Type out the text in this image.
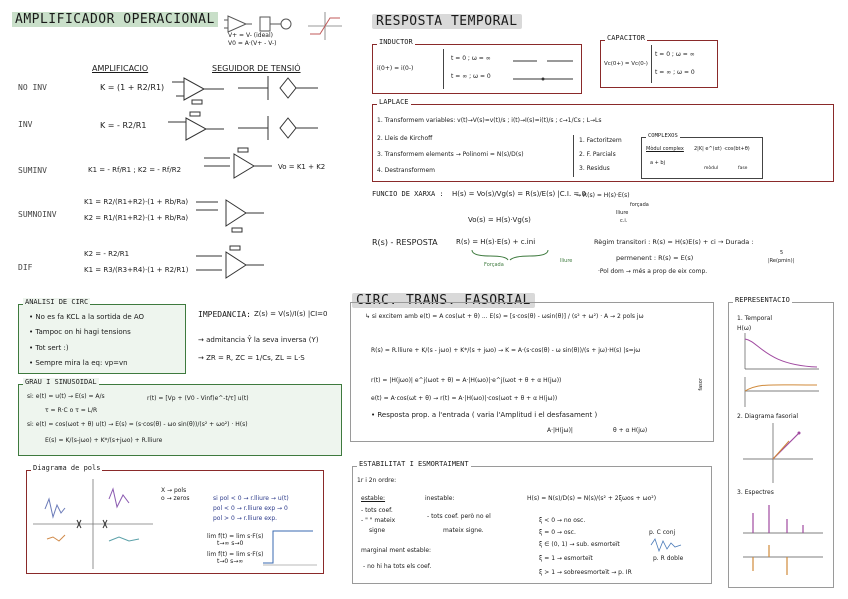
AMPLIFICADOR OPERACIONAL
V+ = V- (ideal)
V0 = A·(V+ - V-)
AMPLIFICACIO	SEGUIDOR DE TENSIÓ
NO INV	K = (1 + R2/R1)
INV	K = - R2/R1
SUMINV	K1 = - Rf/R1 ; K2 = - Rf/R2	Vo = K1 + K2
SUMNOINV
K1 = R2/(R1+R2)·(1 + Rb/Ra)
K2 = R1/(R1+R2)·(1 + Rb/Ra)
DIF
K2 = - R2/R1
K1 = R3/(R3+R4)·(1 + R2/R1)
ANALISI DE CIRC
• No es fa KCL a la sortida de AO
• Tampoc on hi hagi tensions
• Tot sert :)
• Sempre mira la eq: vp=vn
IMPEDANCIA: Z(s) = V(s)/I(s) |CI=0
→ admitancia Ŷ la seva inversa (Y)
→ ZR = R, ZC = 1/Cs, ZL = L·S
GRAU I SINUSOIDAL
si: e(t) = u(t) → E(s) = A/s	r(t) = [Vp + (V0 - Vinf)e^-t/τ] u(t)
τ = R·C o τ = L/R
si: e(t) = cos(ωot + θ) u(t) → E(s) = (s·cos(θ) - ωo sin(θ))/(s² + ωo²) · H(s)
E(s) = K/(s-jωo) + K*/(s+jωo) + R.lliure
Diagrama de pols
X → pols
o → zeros	si pol < 0 → r.lliure → u(t)
pol < 0 → r.lliure exp → 0
pol > 0 → r.lliure exp.
lim f(t) = lim s·F(s)
t→∞ s→0
lim f(t) = lim s·F(s)
t→0 s→∞
RESPOSTA TEMPORAL
INDUCTOR
i(0+) = i(0-)
t = 0 ; ω = ∞
t = ∞ ; ω = 0
CAPACITOR
Vc(0+) = Vc(0-)
t = 0 ; ω = ∞
t = ∞ ; ω = 0
LAPLACE
1. Transformem variables: v(t)→V(s)=v(t)/s ; i(t)→I(s)=i(t)/s ; c→1/Cs ; L→Ls
2. Lleis de Kirchoff
3. Transformem elements → Polinomi = N(s)/D(s)
4. Destransformem
1. Factoritzem
2. F. Parcials
3. Residus
COMPLEXOS
Mòdul complex 2|K| e^(αt) ·cos(bt+θ)
a + bj
mòdul	fase
FUNCIO DE XARXA : H(s) = Vo(s)/Vg(s) = R(s)/E(s) |C.I. = 0
→ R(s) = H(s)·E(s)
forçada
lliure
c.i.
Vo(s) = H(s)·Vg(s)
R(s) - RESPOSTA	R(s) = H(s)·E(s) + c.ini
Forçada
lliure
Règim transitori : R(s) = H(s)E(s) + ci → Durada :
permenent : R(s) = E(s)	|Re(pmin)|
5
·Pol dom → més a prop de eix comp.
CIRC. TRANS. FASORIAL
↳ si excitem amb e(t) = A cos(ωt + θ) ... E(s) = [s·cos(θ) - ωsin(θ)] / (s² + ω²) · A → 2 pols jω
R(s) = R.lliure + K/(s - jωo) + K*/(s + jωo) → K = A·(s·cos(θ) - ω sin(θ))/(s + jω)·H(s) |s=jω
r(t) = |H(jωo)| e^j(ωot + θ) = A·|H(ωo)|·e^j(ωot + θ + α H(jω))
e(t) = A·cos(ωt + θ) → r(t) = A·|H(ωo)|·cos(ωot + θ + α H(jω))
• Resposta prop. a l'entrada ( varia l'Amplitud i el desfasament )
A·|H(jω)|	θ + α H(jω)
fasor
ESTABILITAT I ESMORTAIMENT
1r i 2n ordre:
estable:	inestable:
- tots coef.
- " " mateix
signe
- tots coef. però no el
mateix signe.
marginal ment estable:
- no hi ha tots els coef.
H(s) = N(s)/D(s) = N(s)/(s² + 2ξωos + ωo²)
ξ < 0 → no osc.
ξ = 0 → osc.
ξ ∈ (0, 1) → sub. esmorteït
ξ = 1 → esmorteït
ξ > 1 → sobreesmorteït → p. IR
p. C conj
p. R doble
REPRESENTACIO
1. Temporal
H(ω)
2. Diagrama fasorial
3. Espectres
